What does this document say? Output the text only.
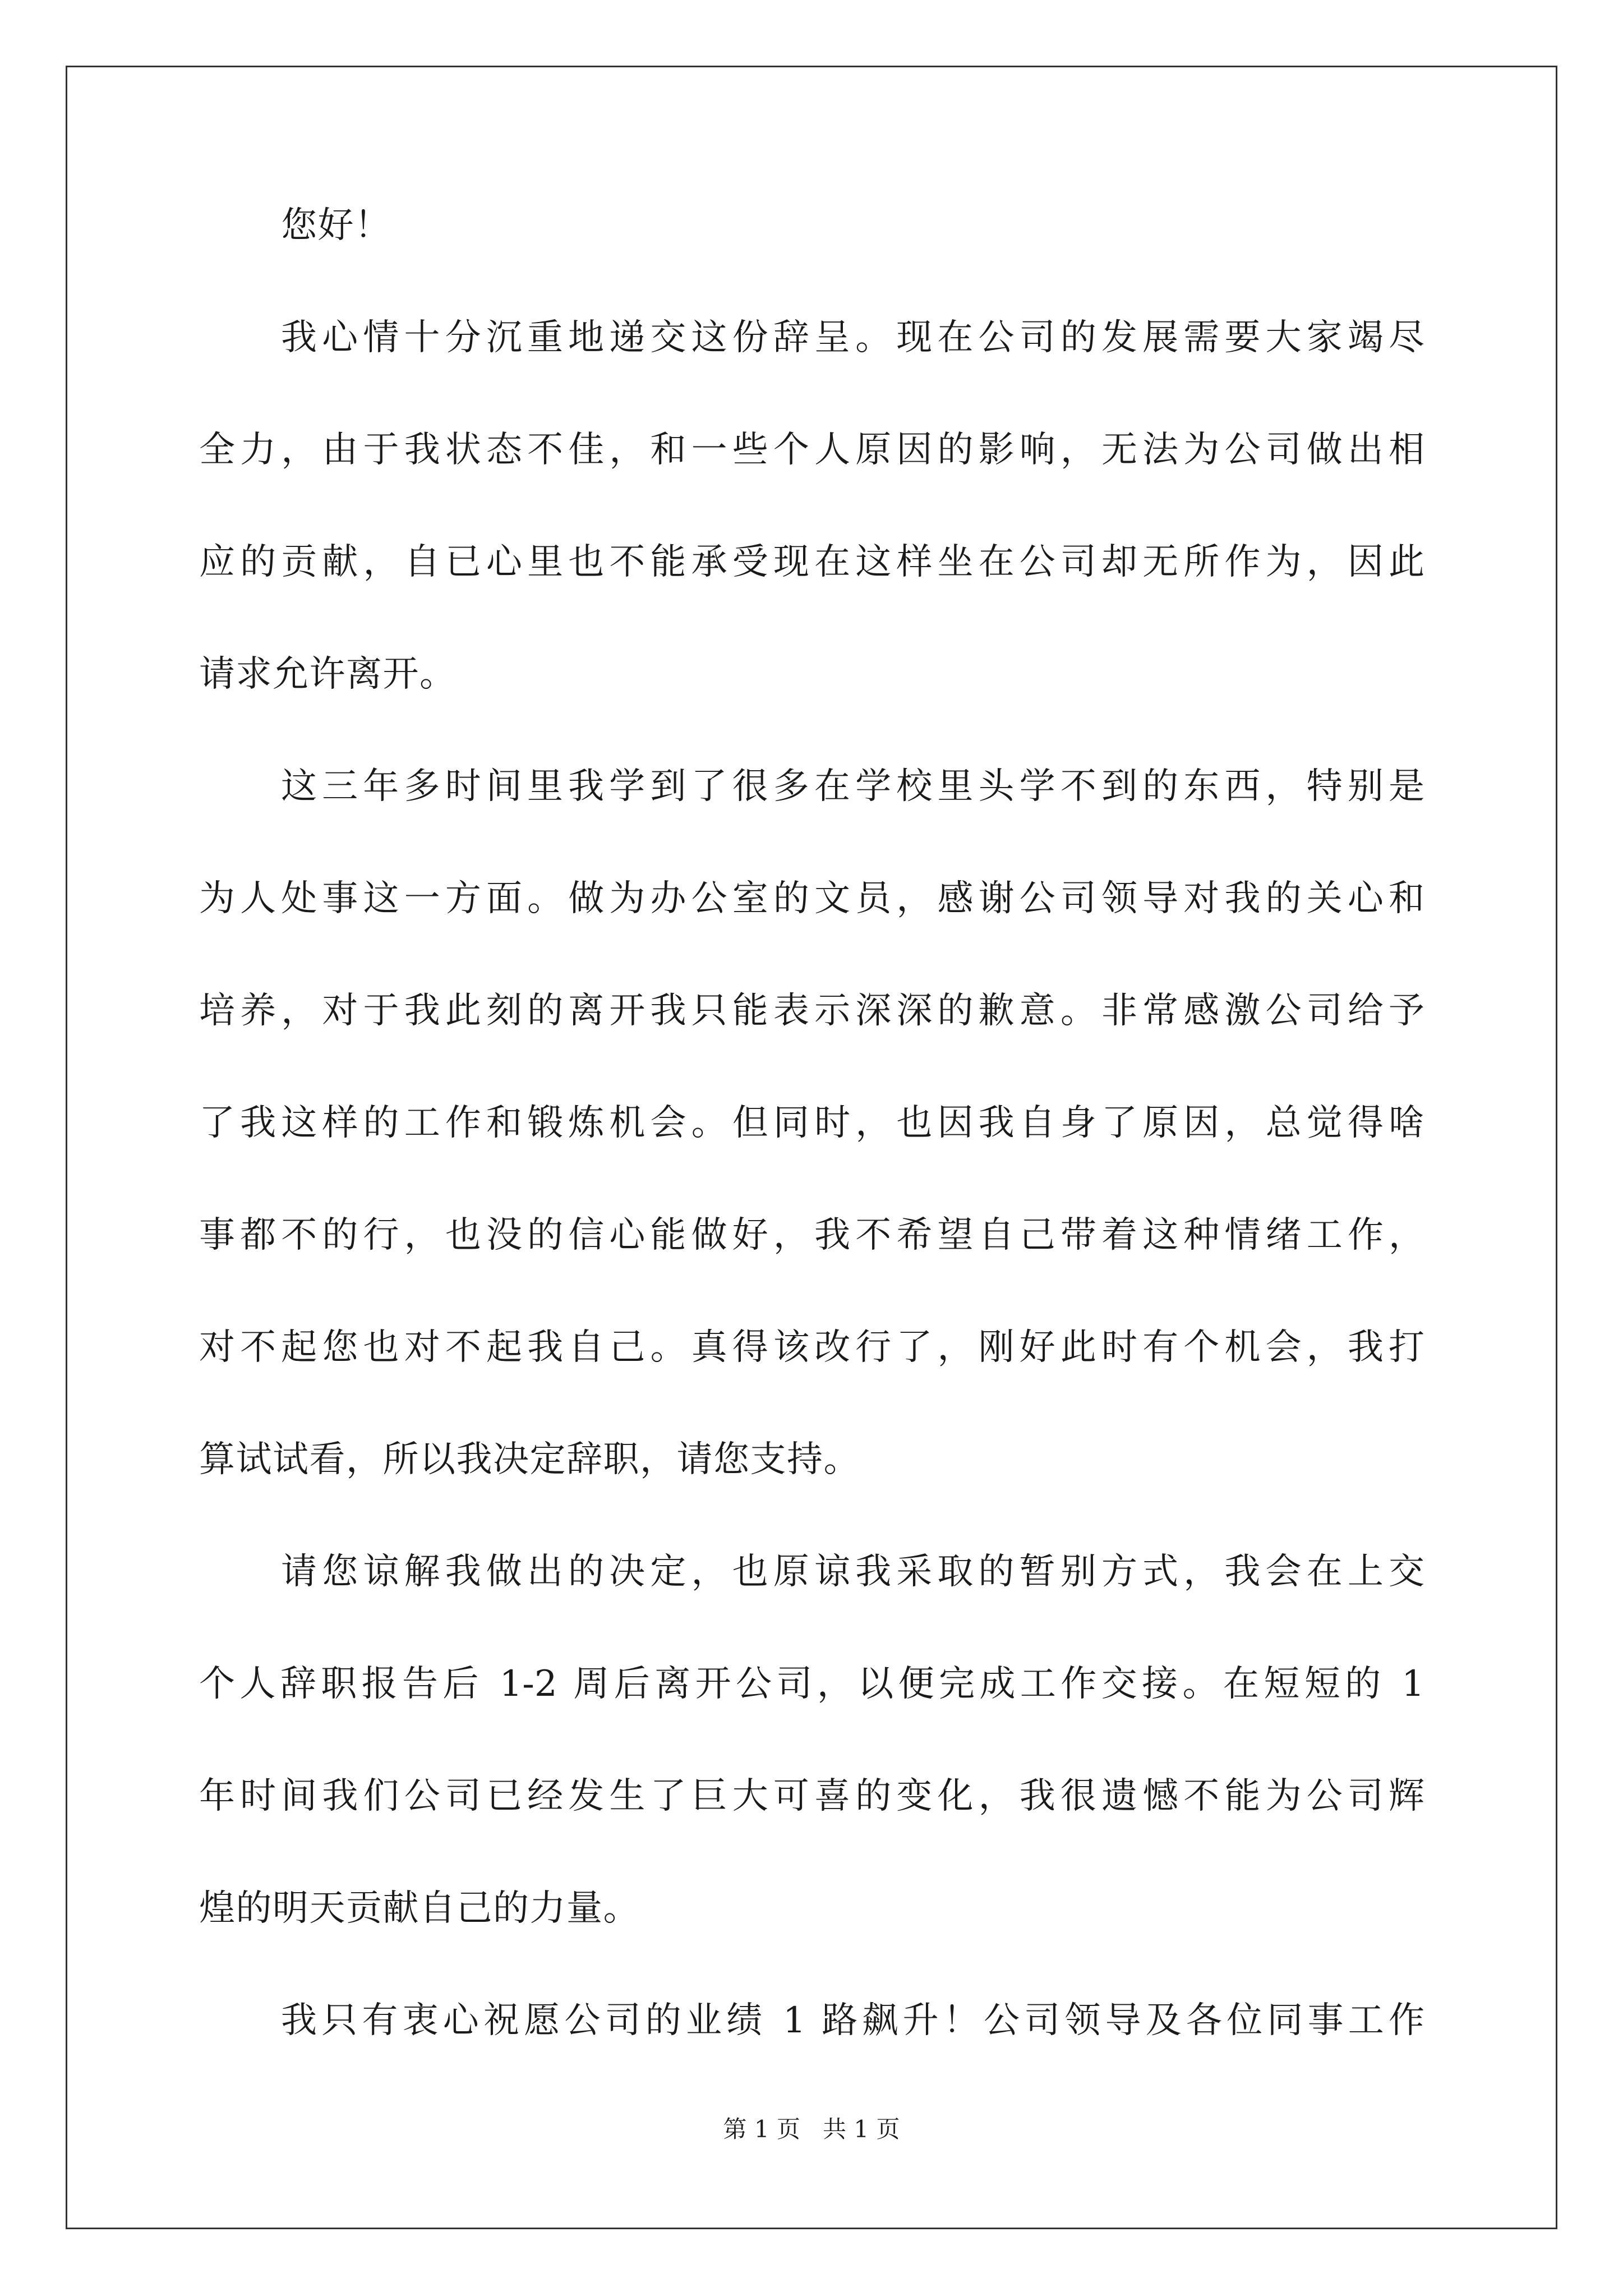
您好！
我心情十分沉重地递交这份辞呈。现在公司的发展需要大家竭尽
全力，由于我状态不佳，和一些个人原因的影响，无法为公司做出相
应的贡献，自已心里也不能承受现在这样坐在公司却无所作为，因此
请求允许离开。
这三年多时间里我学到了很多在学校里头学不到的东西，特别是
为人处事这一方面。做为办公室的文员，感谢公司领导对我的关心和
培养，对于我此刻的离开我只能表示深深的歉意。非常感激公司给予
了我这样的工作和锻炼机会。但同时，也因我自身了原因，总觉得啥
事都不的行，也没的信心能做好，我不希望自己带着这种情绪工作，
对不起您也对不起我自己。真得该改行了，刚好此时有个机会，我打
算试试看，所以我决定辞职，请您支持。
请您谅解我做出的决定，也原谅我采取的暂别方式，我会在上交
个人辞职报告后 1-2 周后离开公司，以便完成工作交接。在短短的 1
年时间我们公司已经发生了巨大可喜的变化，我很遗憾不能为公司辉
煌的明天贡献自己的力量。
我只有衷心祝愿公司的业绩 1 路飙升！公司领导及各位同事工作
第 1 页   共 1 页
